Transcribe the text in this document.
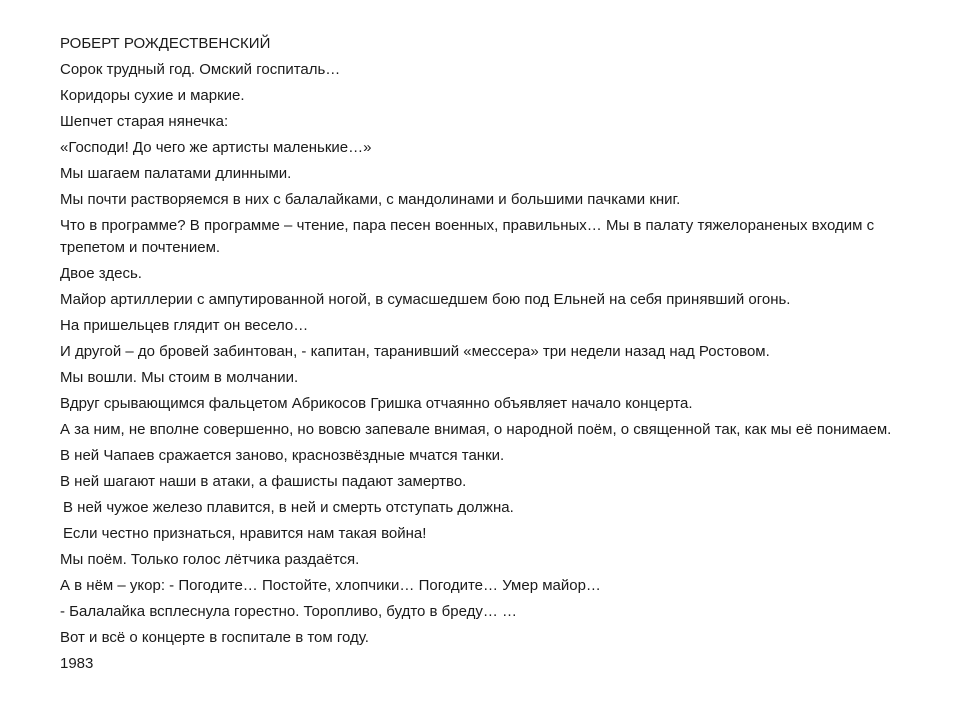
РОБЕРТ РОЖДЕСТВЕНСКИЙ

Сорок трудный год. Омский госпиталь…

Коридоры сухие и маркие.

Шепчет старая нянечка:

«Господи! До чего же артисты маленькие…»

Мы шагаем палатами длинными.

Мы почти растворяемся в них с балалайками, с мандолинами и большими пачками книг.

Что в программе? В программе – чтение, пара песен военных, правильных… Мы в палату тяжелораненых входим с трепетом и почтением.

Двое здесь.

Майор артиллерии с ампутированной ногой, в сумасшедшем бою под Ельней на себя принявший огонь.

На пришельцев глядит он весело…

И другой – до бровей забинтован, - капитан, таранивший «мессера» три недели назад над Ростовом.

Мы вошли. Мы стоим в молчании.

Вдруг срывающимся фальцетом Абрикосов Гришка отчаянно объявляет начало концерта.

А за ним, не вполне совершенно, но вовсю запевале внимая, о народной поём, о священной так, как мы её понимаем.

В ней Чапаев сражается заново, краснозвёздные мчатся танки.

В ней шагают наши в атаки, а фашисты падают замертво.

В ней чужое железо плавится, в ней и смерть отступать должна.

Если честно признаться, нравится нам такая война!

Мы поём. Только голос лётчика раздаётся.

А в нём – укор: - Погодите… Постойте, хлопчики… Погодите… Умер майор…

- Балалайка всплеснула горестно. Торопливо, будто в бреду… …

Вот и всё о концерте в госпитале в том году.

1983
